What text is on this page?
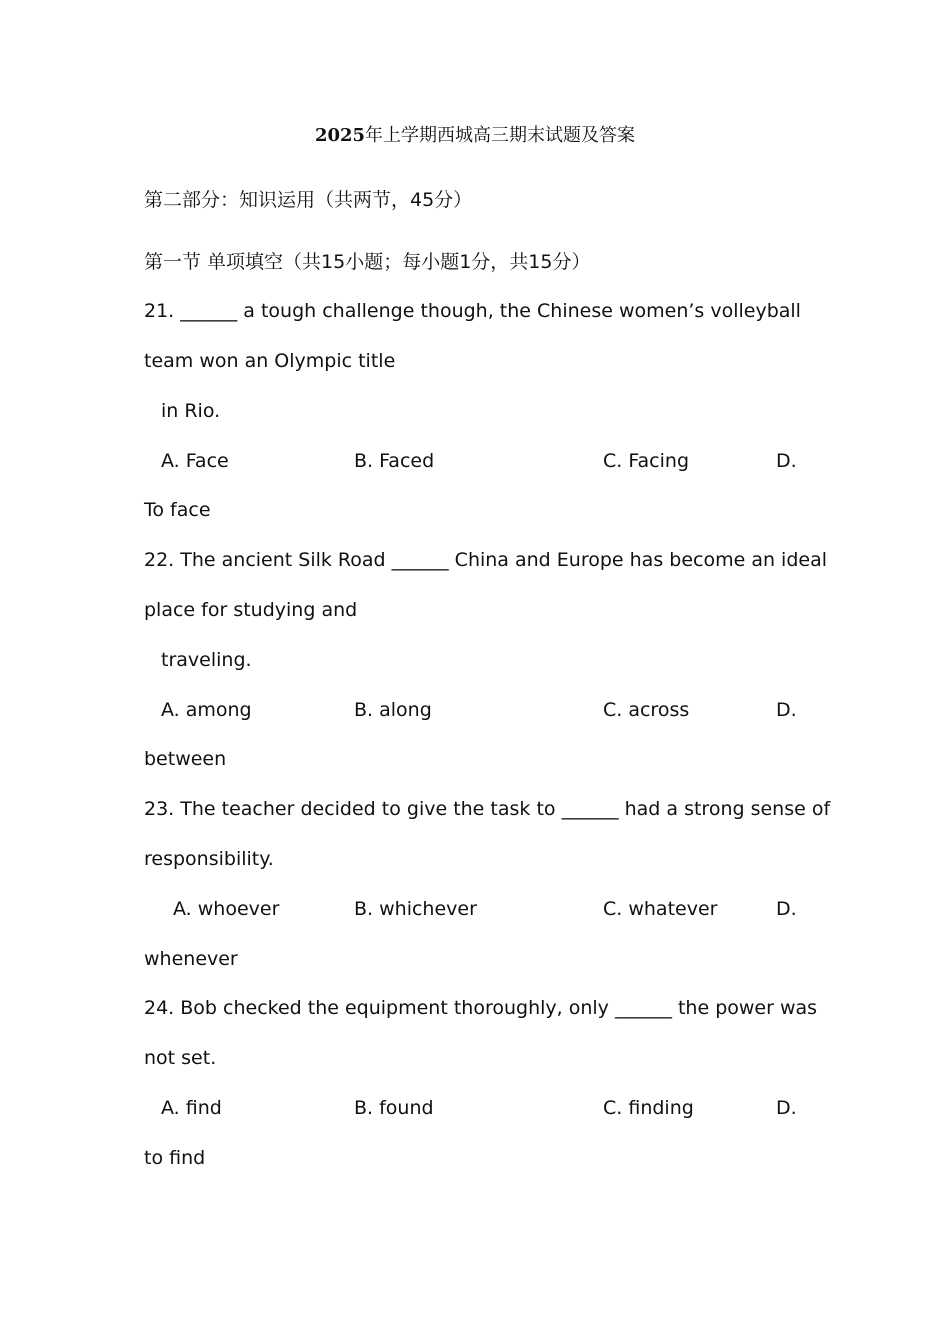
2025年上学期西城高三期末试题及答案
第二部分：知识运用（共两节，45分）
第一节 单项填空（共15小题；每小题1分，共15分）
21. ______ a tough challenge though, the Chinese women’s volleyball
team won an Olympic title
in Rio.
A. Face	B. Faced	C. Facing	D.
To face
22. The ancient Silk Road ______ China and Europe has become an ideal
place for studying and
traveling.
A. among	B. along	C. across	D.
between
23. The teacher decided to give the task to ______ had a strong sense of
responsibility.
A. whoever	B. whichever	C. whatever	D.
whenever
24. Bob checked the equipment thoroughly, only ______ the power was
not set.
A. find	B. found	C. finding	D.
to find
